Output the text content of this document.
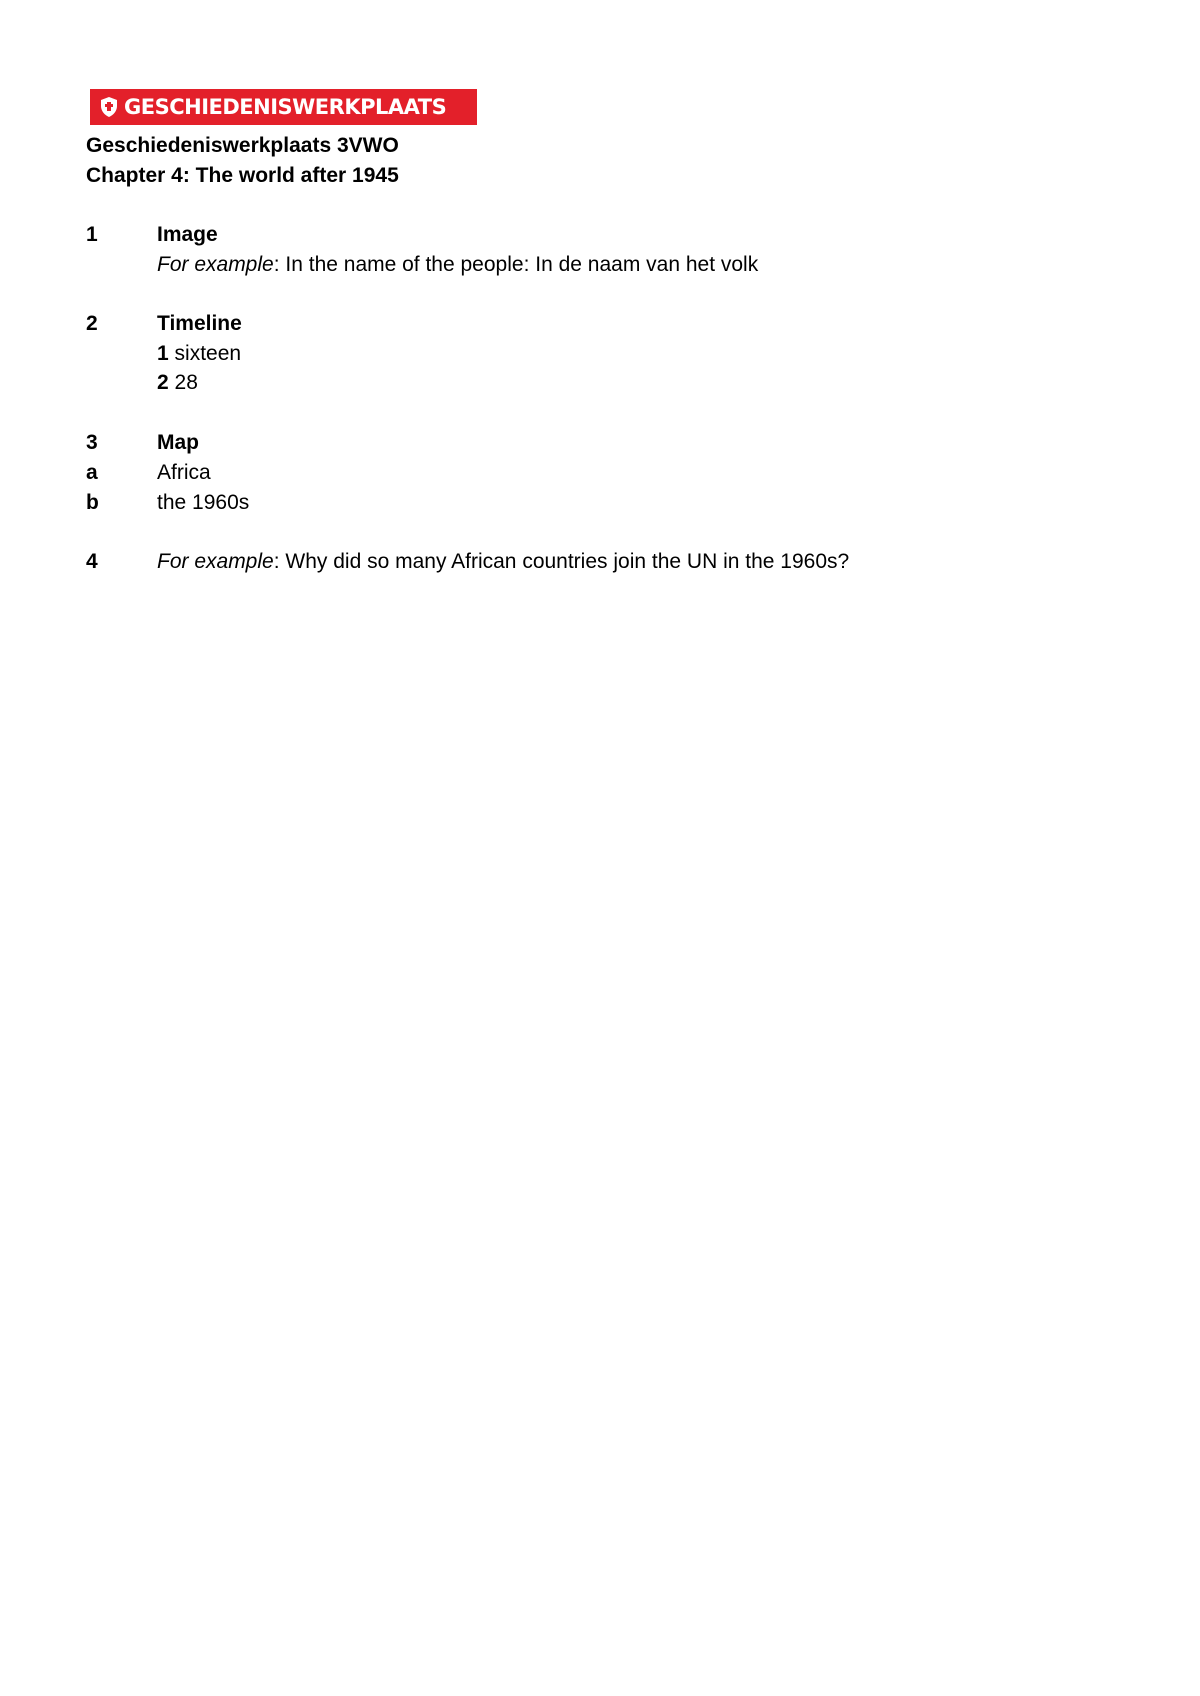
GESCHIEDENISWERKPLAATS
Geschiedeniswerkplaats 3VWO
Chapter 4: The world after 1945
1	Image
For example: In the name of the people: In de naam van het volk
2	Timeline
1 sixteen
2 28
3	Map
a	Africa
b	the 1960s
4	For example: Why did so many African countries join the UN in the 1960s?
